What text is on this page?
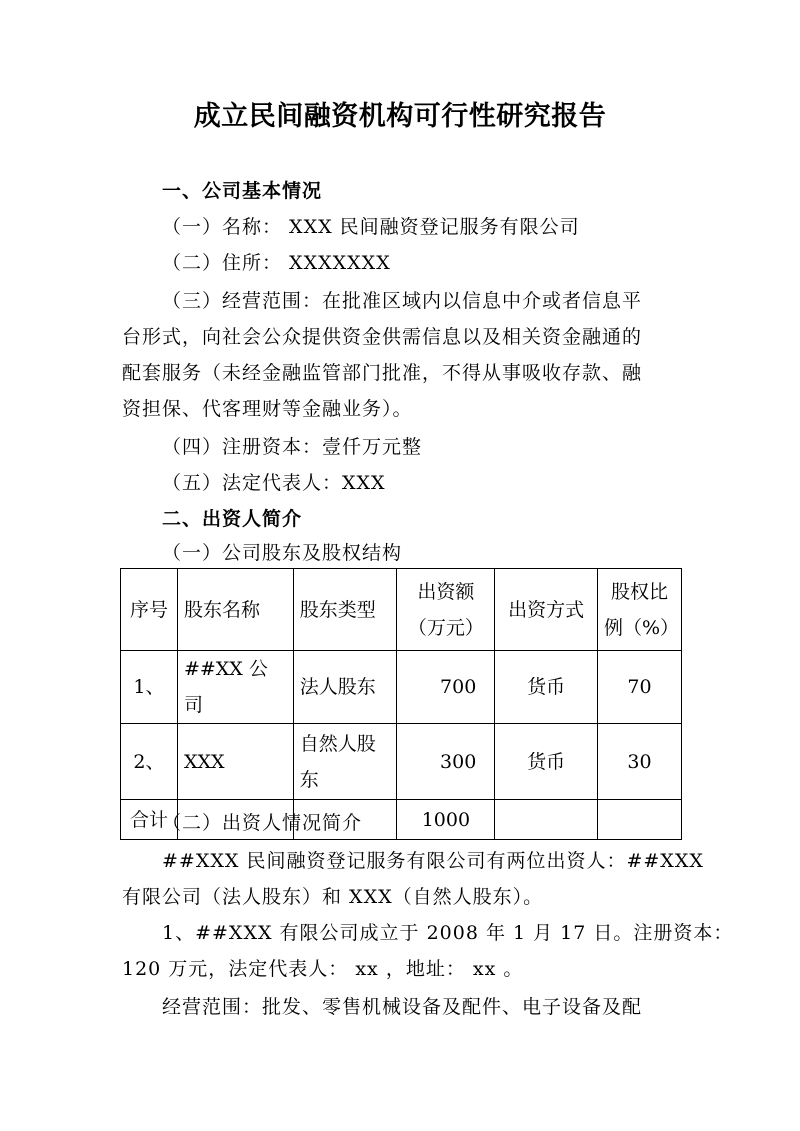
成立民间融资机构可行性研究报告
一、公司基本情况
（一）名称： XXX 民间融资登记服务有限公司
（二）住所： XXXXXXX
（三）经营范围：在批准区域内以信息中介或者信息平
台形式，向社会公众提供资金供需信息以及相关资金融通的
配套服务（未经金融监管部门批准，不得从事吸收存款、融
资担保、代客理财等金融业务）。
（四）注册资本：壹仟万元整
（五）法定代表人：XXX
二、出资人简介
（一）公司股东及股权结构
序号	股东名称	股东类型	出资额（万元）	出资方式	股权比例（%）
1、	##XX 公司	法人股东	700	货币	70
2、	XXX	自然人股东	300	货币	30
合计			1000		
（二）出资人情况简介
##XXX 民间融资登记服务有限公司有两位出资人：##XXX
有限公司（法人股东）和 XXX（自然人股东）。
1、##XXX 有限公司成立于 2008 年 1 月 17 日。注册资本：
120 万元，法定代表人： xx ，地址： xx 。
经营范围：批发、零售机械设备及配件、电子设备及配
